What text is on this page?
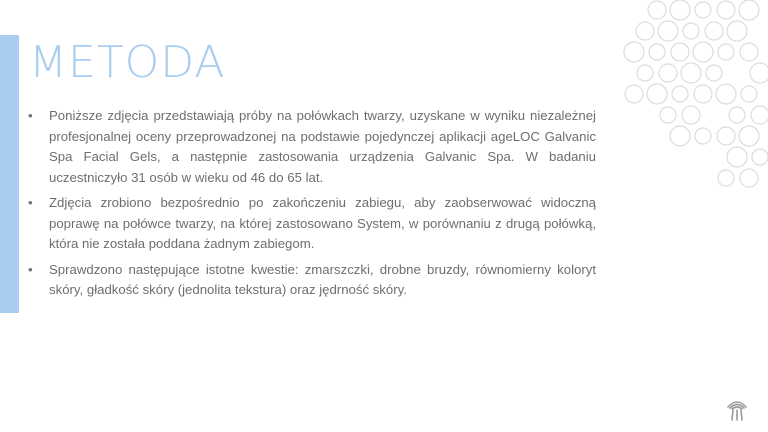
METODA
• Poniższe zdjęcia przedstawiają próby na połówkach twarzy, uzyskane w wyniku niezależnej profesjonalnej oceny przeprowadzonej na podstawie pojedynczej aplikacji ageLOC Galvanic Spa Facial Gels, a następnie zastosowania urządzenia Galvanic Spa. W badaniu uczestniczyło 31 osób w wieku od 46 do 65 lat.
• Zdjęcia zrobiono bezpośrednio po zakończeniu zabiegu, aby zaobserwować widoczną poprawę na połówce twarzy, na której zastosowano System, w porównaniu z drugą połówką, która nie została poddana żadnym zabiegom.
• Sprawdzono następujące istotne kwestie: zmarszczki, drobne bruzdy, równomierny koloryt skóry, gładkość skóry (jednolita tekstura) oraz jędrność skóry.
